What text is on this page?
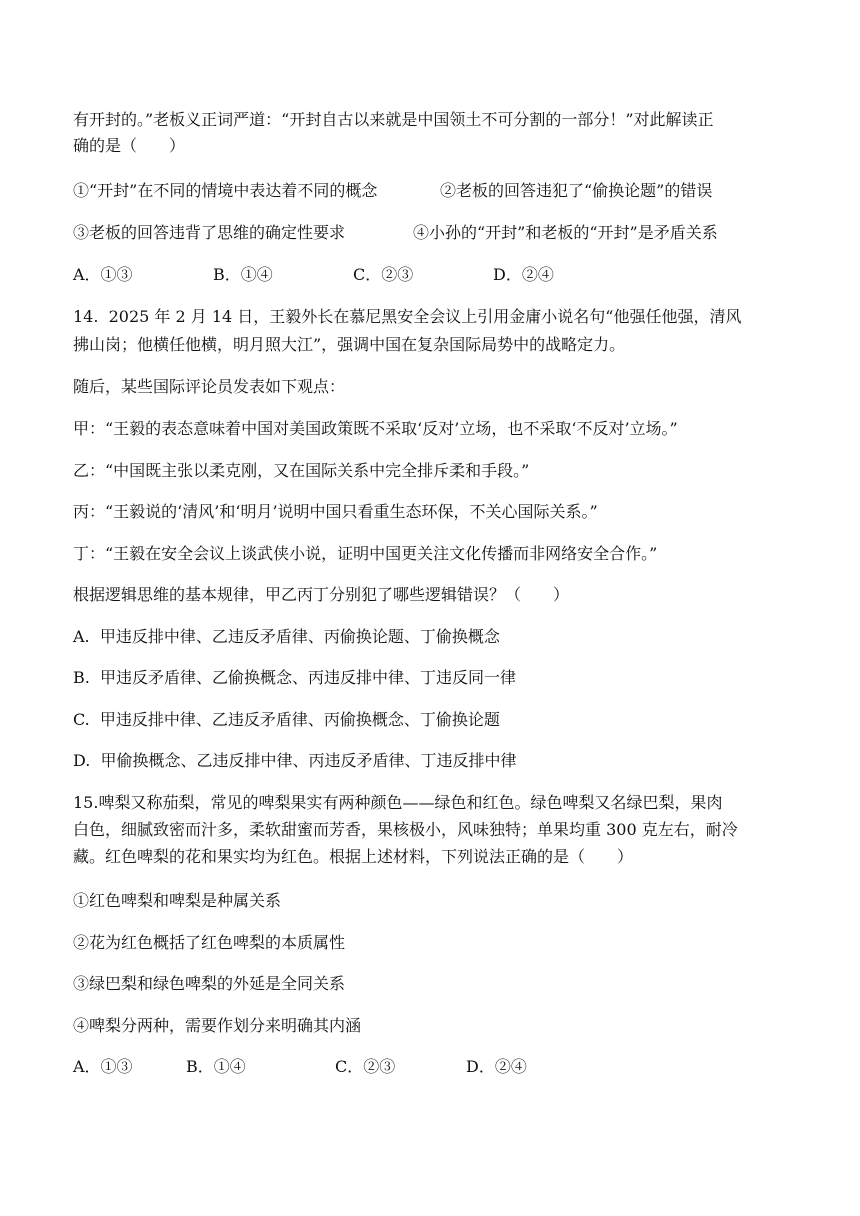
有开封的。”老板义正词严道：“开封自古以来就是中国领土不可分割的一部分！”对此解读正
确的是（　　）
①“开封”在不同的情境中表达着不同的概念	②老板的回答违犯了“偷换论题”的错误
③老板的回答违背了思维的确定性要求	④小孙的“开封”和老板的“开封”是矛盾关系

A．①③

	B．①④

	C．②③

	D．②④

14.  2025 年 2 月 14 日，王毅外长在慕尼黑安全会议上引用金庸小说名句“他强任他强，清风
拂山岗；他横任他横，明月照大江”，强调中国在复杂国际局势中的战略定力。
随后，某些国际评论员发表如下观点：
甲：“王毅的表态意味着中国对美国政策既不采取‘反对’立场，也不采取‘不反对’立场。”
乙：“中国既主张以柔克刚，又在国际关系中完全排斥柔和手段。”
丙：“王毅说的‘清风’和‘明月’说明中国只看重生态环保，不关心国际关系。”
丁：“王毅在安全会议上谈武侠小说，证明中国更关注文化传播而非网络安全合作。”
根据逻辑思维的基本规律，甲乙丙丁分别犯了哪些逻辑错误？（　　）
A.  甲违反排中律、乙违反矛盾律、丙偷换论题、丁偷换概念
B.  甲违反矛盾律、乙偷换概念、丙违反排中律、丁违反同一律
C.  甲违反排中律、乙违反矛盾律、丙偷换概念、丁偷换论题
D.  甲偷换概念、乙违反排中律、丙违反矛盾律、丁违反排中律
15.啤梨又称茄梨，常见的啤梨果实有两种颜色——绿色和红色。绿色啤梨又名绿巴梨，果肉
白色，细腻致密而汁多，柔软甜蜜而芳香，果核极小，风味独特；单果均重 300 克左右，耐冷
藏。红色啤梨的花和果实均为红色。根据上述材料，下列说法正确的是（　　）
①红色啤梨和啤梨是种属关系
②花为红色概括了红色啤梨的本质属性
③绿巴梨和绿色啤梨的外延是全同关系
④啤梨分两种，需要作划分来明确其内涵

A．①③

	B．①④

	C．②③

	D．②④
